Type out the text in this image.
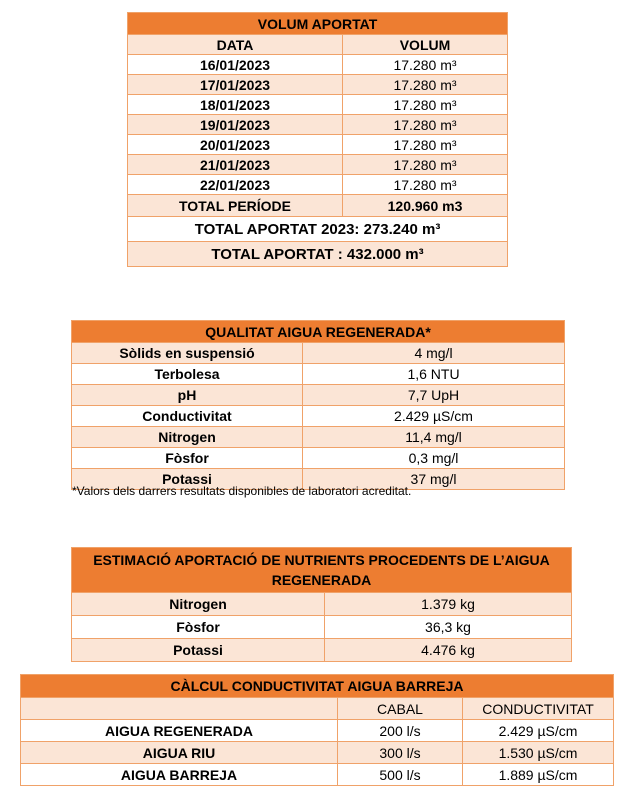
VOLUM APORTAT	
DATA	VOLUM
16/01/2023	17.280 m³
17/01/2023	17.280 m³
18/01/2023	17.280 m³
19/01/2023	17.280 m³
20/01/2023	17.280 m³
21/01/2023	17.280 m³
22/01/2023	17.280 m³
TOTAL PERÍODE	120.960 m3
TOTAL APORTAT 2023: 273.240 m³	
TOTAL APORTAT : 432.000 m³	
QUALITAT AIGUA REGENERADA*	
Sòlids en suspensió	4 mg/l
Terbolesa	1,6 NTU
pH	7,7 UpH
Conductivitat	2.429 µS/cm
Nitrogen	11,4 mg/l
Fòsfor	0,3 mg/l
Potassi	37 mg/l
*Valors dels darrers resultats disponibles de laboratori acreditat.
ESTIMACIÓ APORTACIÓ DE NUTRIENTS PROCEDENTS DE L’AIGUA REGENERADA	
Nitrogen	1.379 kg
Fòsfor	36,3 kg
Potassi	4.476 kg
CÀLCUL CONDUCTIVITAT AIGUA BARREJA		
	CABAL	CONDUCTIVITAT
AIGUA REGENERADA	200 l/s	2.429 µS/cm
AIGUA RIU	300 l/s	1.530 µS/cm
AIGUA BARREJA	500 l/s	1.889 µS/cm
